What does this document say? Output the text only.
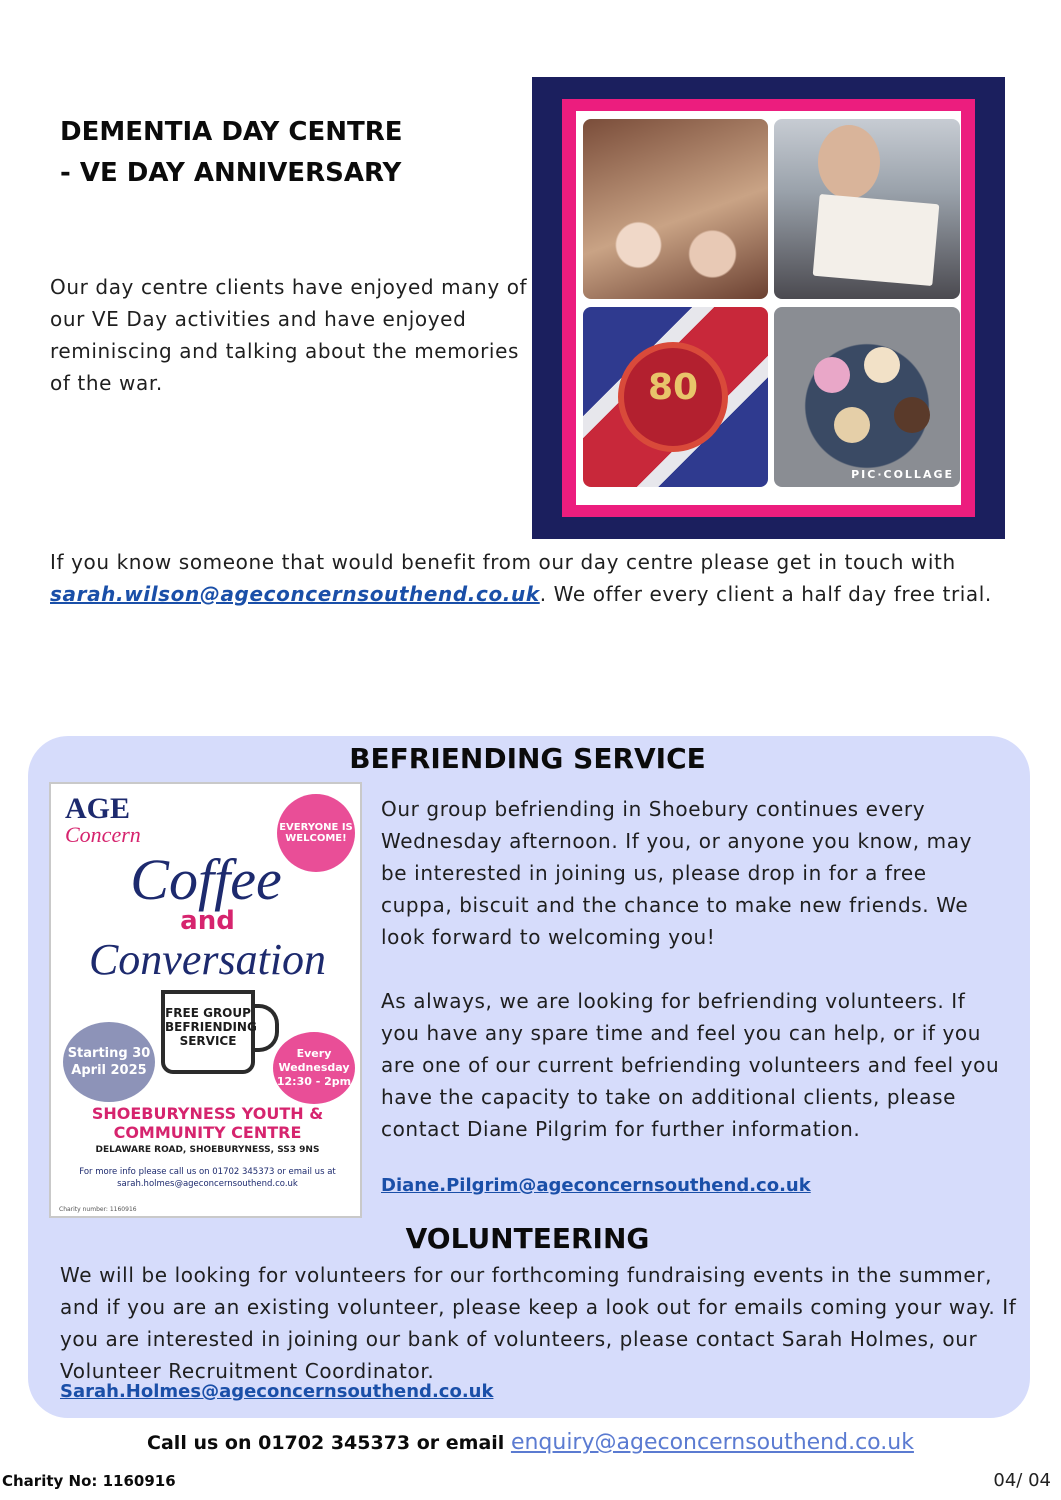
DEMENTIA DAY CENTRE
- VE DAY ANNIVERSARY
Our day centre clients have enjoyed many of our VE Day activities and have enjoyed reminiscing and talking about the memories of the war.	80
PIC·COLLAGE
If you know someone that would benefit from our day centre please get in touch with sarah.wilson@ageconcernsouthend.co.uk. We offer every client a half day free trial.
BEFRIENDING SERVICE
AGE
Concern	EVERYONE IS WELCOME!
Coffee
and
Conversation
Starting 30 April 2025
FREE GROUP BEFRIENDING SERVICE
Every Wednesday 12:30 - 2pm
SHOEBURYNESS YOUTH & COMMUNITY CENTRE
DELAWARE ROAD, SHOEBURYNESS, SS3 9NS
For more info please call us on 01702 345373 or email us at sarah.holmes@ageconcernsouthend.co.uk
Charity number: 1160916

Our group befriending in Shoebury continues every Wednesday afternoon. If you, or anyone you know, may be interested in joining us, please drop in for a free cuppa, biscuit and the chance to make new friends. We look forward to welcoming you!

As always, we are looking for befriending volunteers. If you have any spare time and feel you can help, or if you are one of our current befriending volunteers and feel you have the capacity to take on additional clients, please contact Diane Pilgrim for further information.

Diane.Pilgrim@ageconcernsouthend.co.uk
VOLUNTEERING
We will be looking for volunteers for our forthcoming fundraising events in the summer, and if you are an existing volunteer, please keep a look out for emails coming your way. If you are interested in joining our bank of volunteers, please contact Sarah Holmes, our Volunteer Recruitment Coordinator.
Sarah.Holmes@ageconcernsouthend.co.uk
Call us on 01702 345373 or email enquiry@ageconcernsouthend.co.uk
Charity No: 1160916	04/ 04
